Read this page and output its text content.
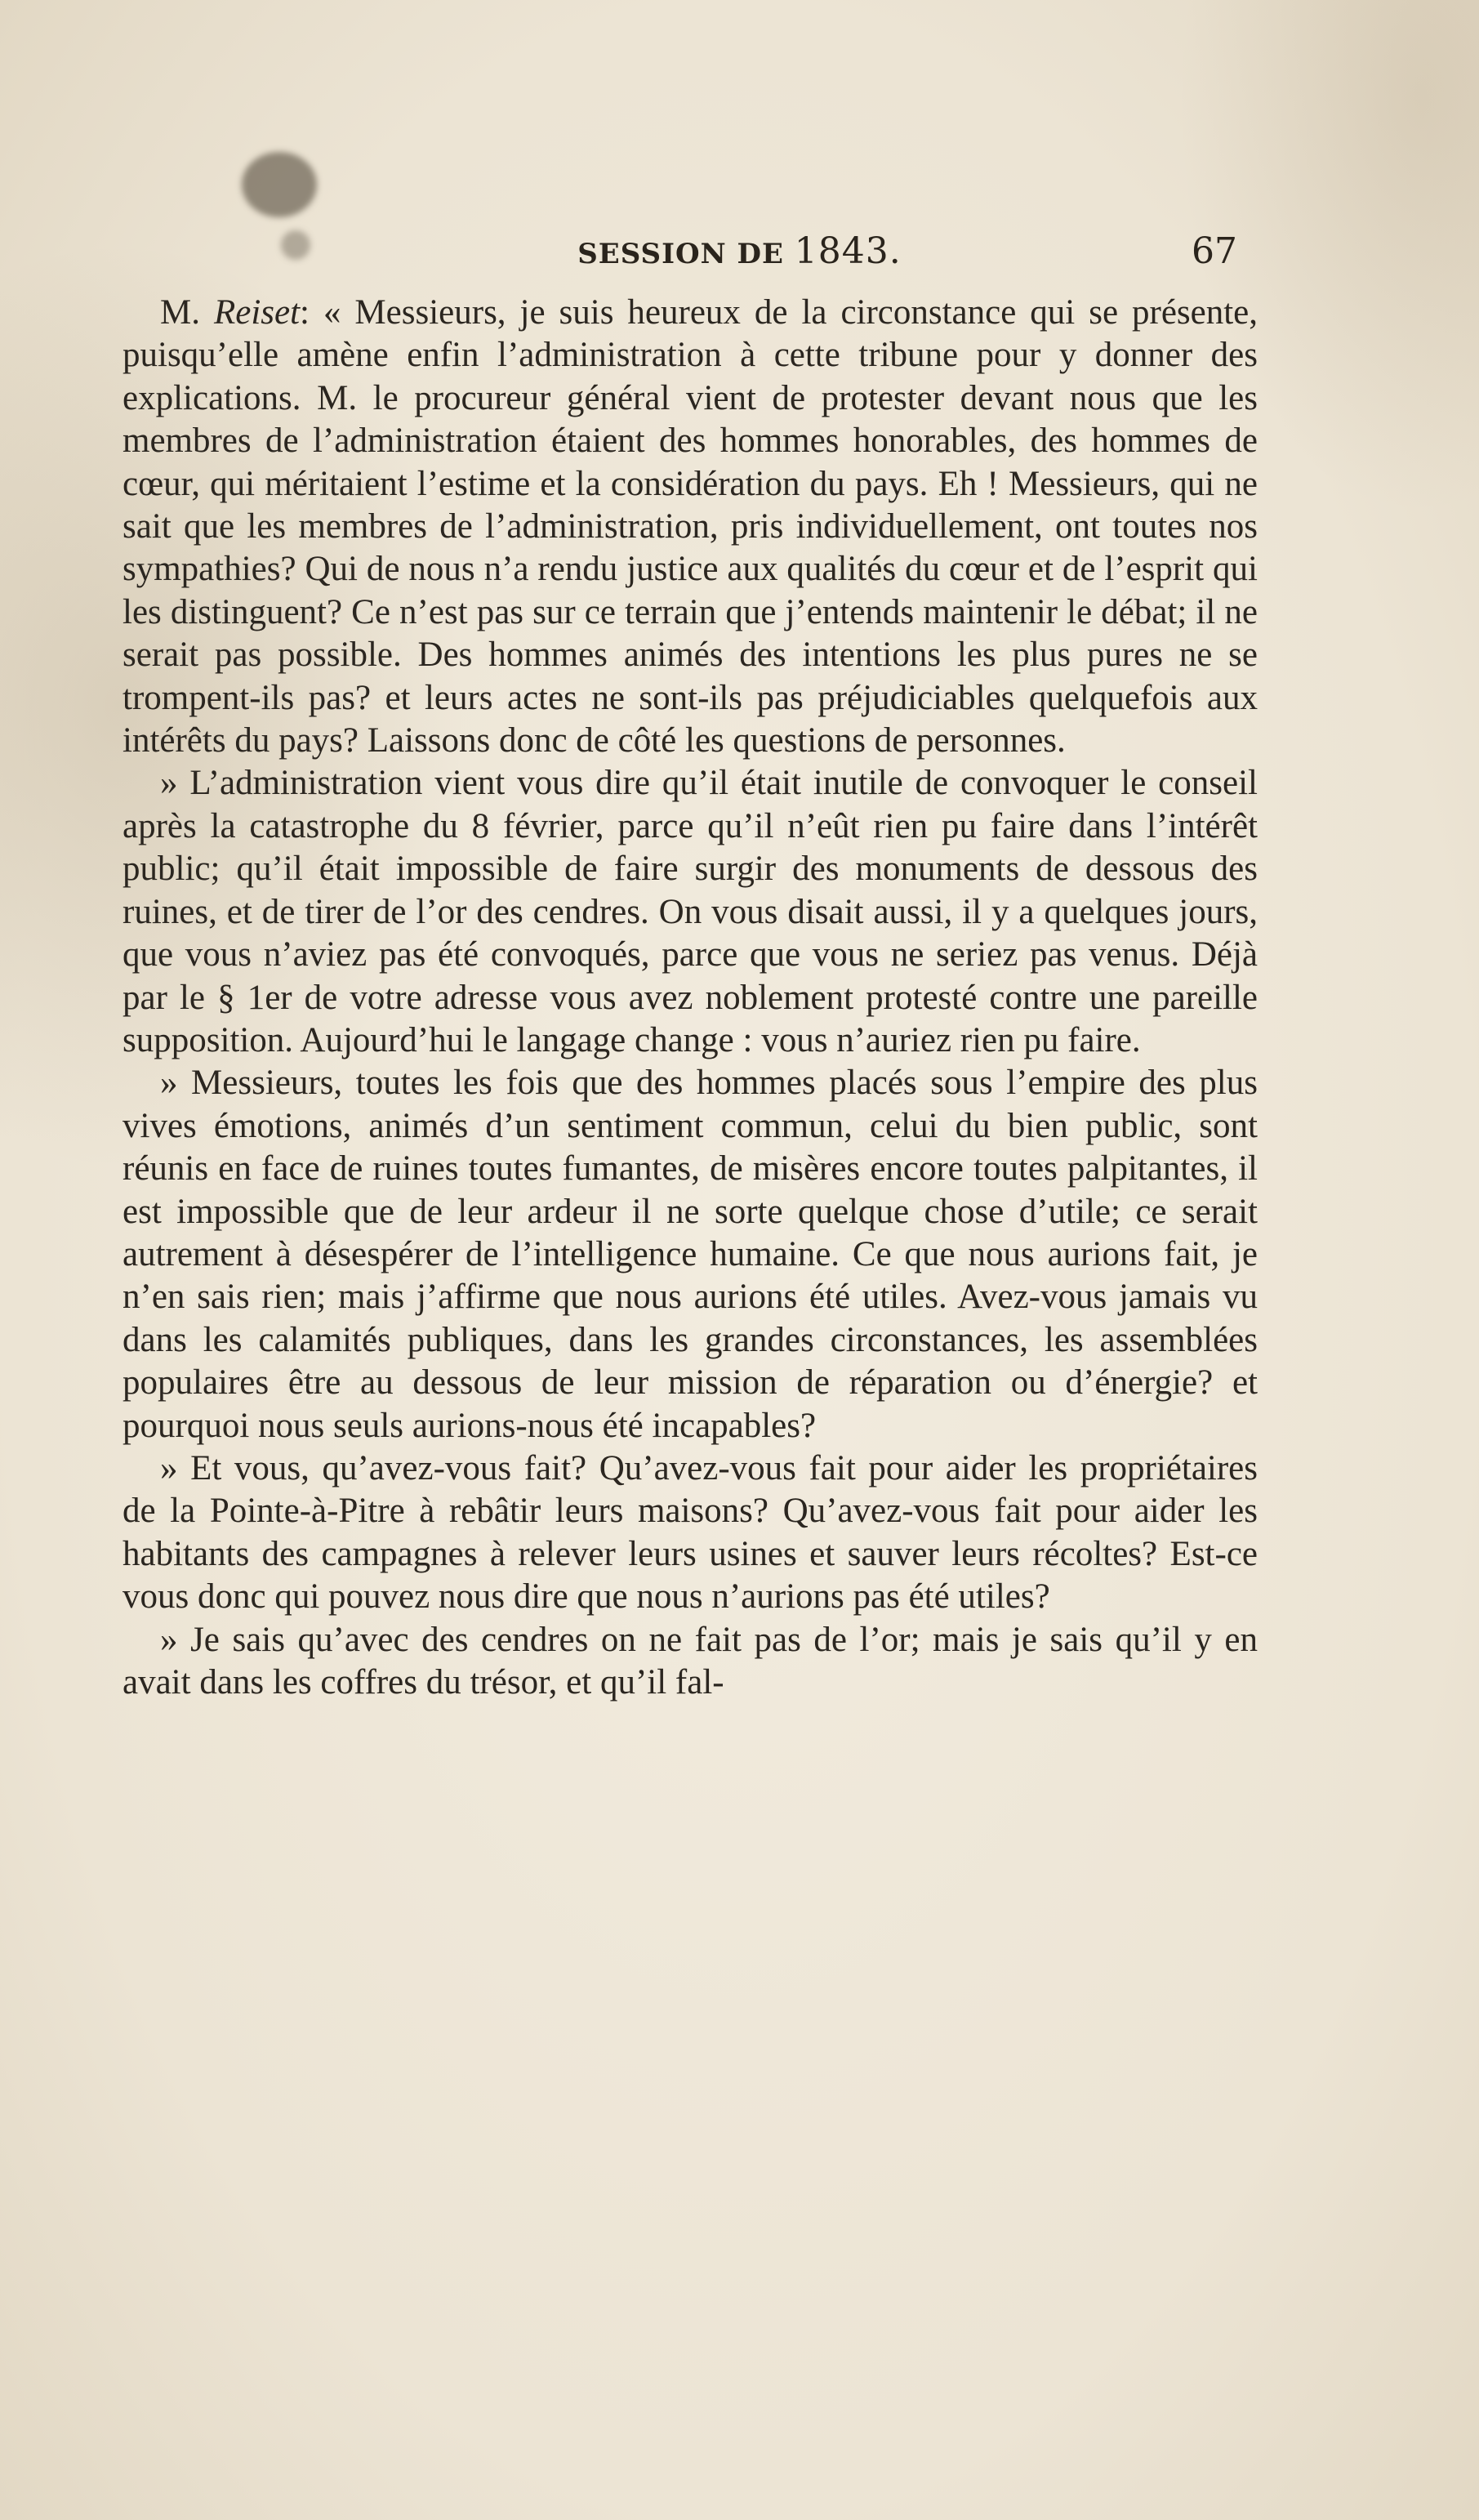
SESSION DE 1843.	67

M. Reiset: « Messieurs, je suis heureux de la circonstance qui se présente, puisqu’elle amène enfin l’administration à cette tribune pour y donner des explications. M. le procureur général vient de protester devant nous que les membres de l’administration étaient des hommes honorables, des hommes de cœur, qui méritaient l’estime et la considération du pays. Eh ! Messieurs, qui ne sait que les membres de l’administration, pris individuellement, ont toutes nos sympathies? Qui de nous n’a rendu justice aux qualités du cœur et de l’esprit qui les distinguent? Ce n’est pas sur ce terrain que j’entends maintenir le débat; il ne serait pas possible. Des hommes animés des intentions les plus pures ne se trompent-ils pas? et leurs actes ne sont-ils pas préjudiciables quelquefois aux intérêts du pays? Laissons donc de côté les questions de personnes.

» L’administration vient vous dire qu’il était inutile de convoquer le conseil après la catastrophe du 8 février, parce qu’il n’eût rien pu faire dans l’intérêt public; qu’il était impossible de faire surgir des monuments de dessous des ruines, et de tirer de l’or des cendres. On vous disait aussi, il y a quelques jours, que vous n’aviez pas été convoqués, parce que vous ne seriez pas venus. Déjà par le § 1er de votre adresse vous avez noblement protesté contre une pareille supposition. Aujourd’hui le langage change : vous n’auriez rien pu faire.

» Messieurs, toutes les fois que des hommes placés sous l’empire des plus vives émotions, animés d’un sentiment commun, celui du bien public, sont réunis en face de ruines toutes fumantes, de misères encore toutes palpitantes, il est impossible que de leur ardeur il ne sorte quelque chose d’utile; ce serait autrement à désespérer de l’intelligence humaine. Ce que nous aurions fait, je n’en sais rien; mais j’affirme que nous aurions été utiles. Avez-vous jamais vu dans les calamités publiques, dans les grandes circonstances, les assemblées populaires être au dessous de leur mission de réparation ou d’énergie? et pourquoi nous seuls aurions-nous été incapables?

» Et vous, qu’avez-vous fait? Qu’avez-vous fait pour aider les propriétaires de la Pointe-à-Pitre à rebâtir leurs maisons? Qu’avez-vous fait pour aider les habitants des campagnes à relever leurs usines et sauver leurs récoltes? Est-ce vous donc qui pouvez nous dire que nous n’aurions pas été utiles?

» Je sais qu’avec des cendres on ne fait pas de l’or; mais je sais qu’il y en avait dans les coffres du trésor, et qu’il fal-
